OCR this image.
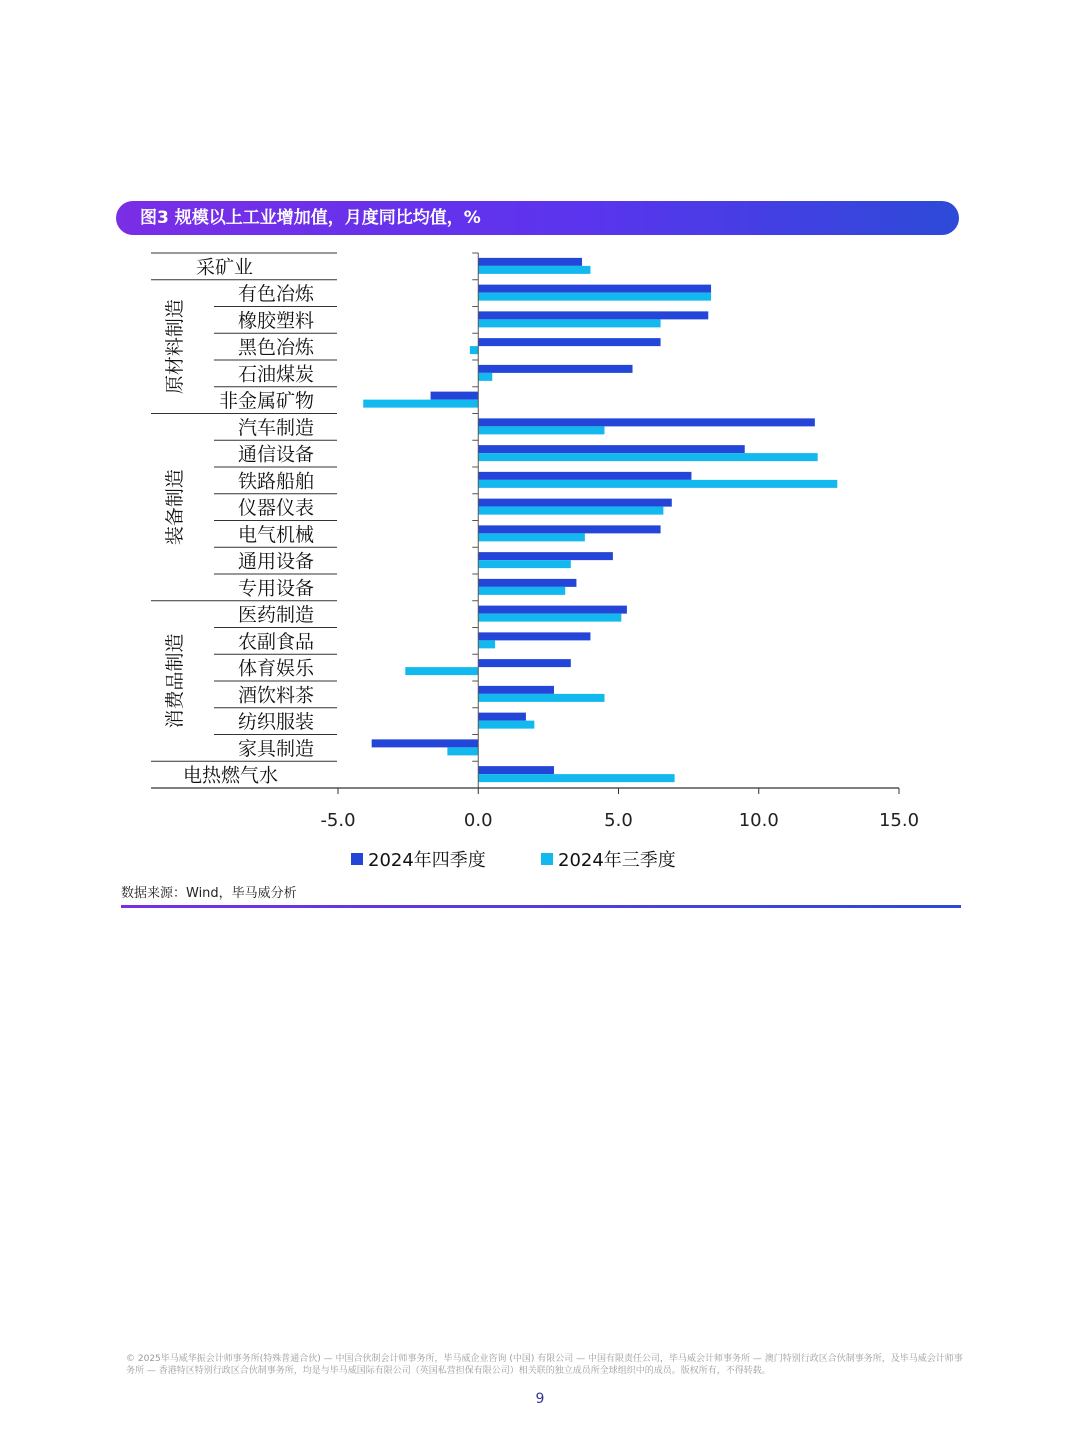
图3 规模以上工业增加值，月度同比均值，%
-5.0	0.0	5.0	10.0	15.0
采矿业
有色冶炼
橡胶塑料
黑色冶炼
石油煤炭
非金属矿物
原材料制造
汽车制造
通信设备
铁路船舶
仪器仪表
电气机械
通用设备
专用设备
装备制造
医药制造
农副食品
体育娱乐
酒饮料茶
纺织服装
家具制造
消费品制造
电热燃气水
2024年四季度	2024年三季度
数据来源：Wind，毕马威分析
© 2025毕马威华振会计师事务所(特殊普通合伙) — 中国合伙制会计师事务所，毕马威企业咨询 (中国) 有限公司 — 中国有限责任公司，毕马威会计师事务所 — 澳门特别行政区合伙制事务所，及毕马威会计师事务所 — 香港特区特别行政区合伙制事务所，均是与毕马威国际有限公司（英国私营担保有限公司）相关联的独立成员所全球组织中的成员。版权所有，不得转载。
9
